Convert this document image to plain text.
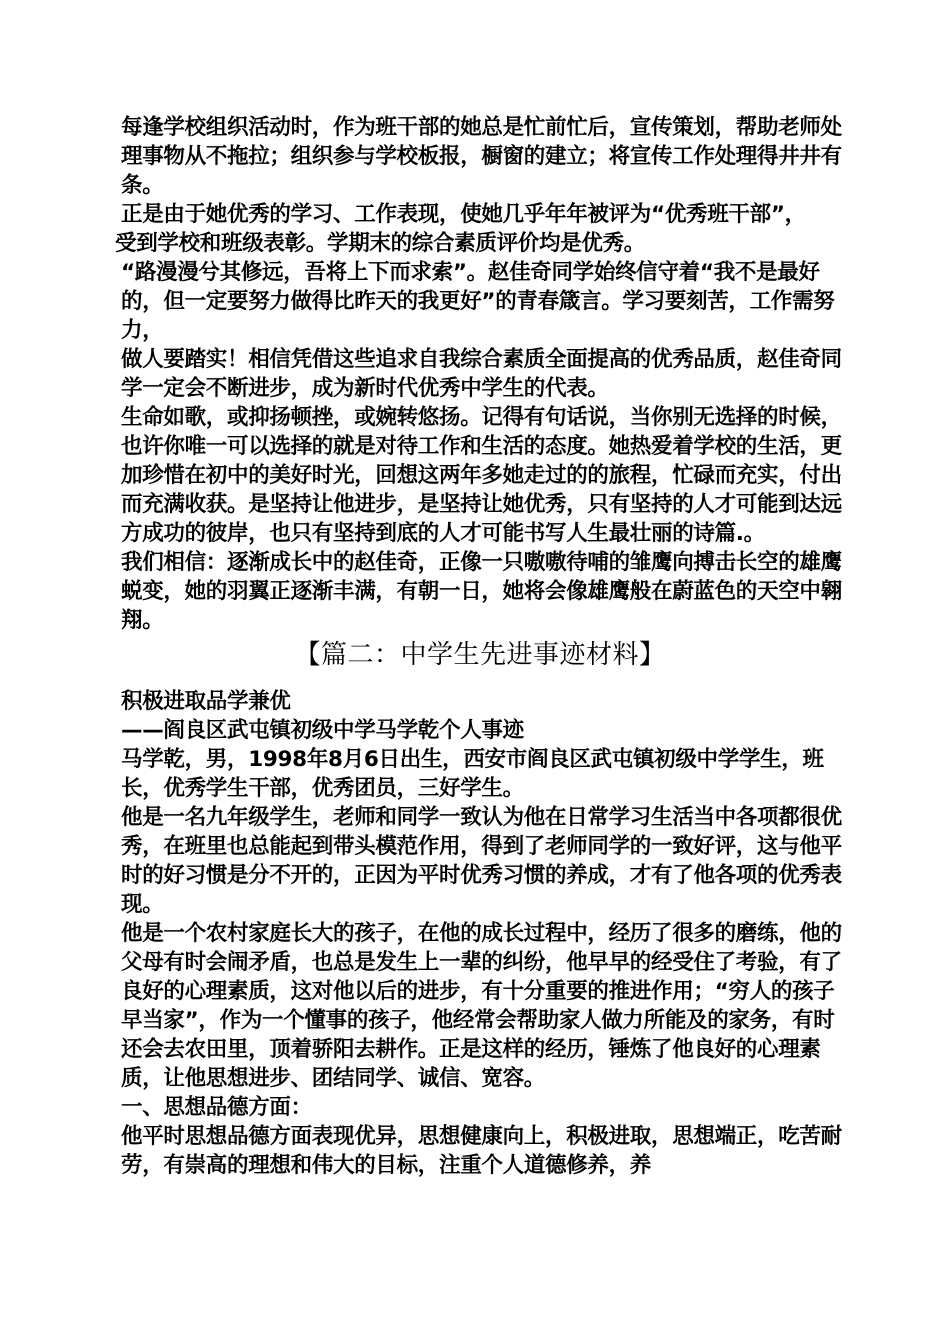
每逢学校组织活动时，作为班干部的她总是忙前忙后，宣传策划，帮助老师处理事物从不拖拉；组织参与学校板报，橱窗的建立；将宣传工作处理得井井有条。

正是由于她优秀的学习、工作表现，使她几乎年年被评为“优秀班干部”，

受到学校和班级表彰。学期末的综合素质评价均是优秀。

“路漫漫兮其修远，吾将上下而求索”。赵佳奇同学始终信守着“我不是最好的，但一定要努力做得比昨天的我更好”的青春箴言。学习要刻苦，工作需努力，

做人要踏实！相信凭借这些追求自我综合素质全面提高的优秀品质，赵佳奇同学一定会不断进步，成为新时代优秀中学生的代表。

生命如歌，或抑扬顿挫，或婉转悠扬。记得有句话说，当你别无选择的时候，也许你唯一可以选择的就是对待工作和生活的态度。她热爱着学校的生活，更加珍惜在初中的美好时光，回想这两年多她走过的的旅程，忙碌而充实，付出而充满收获。是坚持让他进步，是坚持让她优秀，只有坚持的人才可能到达远方成功的彼岸，也只有坚持到底的人才可能书写人生最壮丽的诗篇.。

我们相信：逐渐成长中的赵佳奇，正像一只嗷嗷待哺的雏鹰向搏击长空的雄鹰蜕变，她的羽翼正逐渐丰满，有朝一日，她将会像雄鹰般在蔚蓝色的天空中翱翔。

【篇二：中学生先进事迹材料】

积极进取品学兼优

——阎良区武屯镇初级中学马学乾个人事迹

马学乾，男，1998年8月6日出生，西安市阎良区武屯镇初级中学学生，班长，优秀学生干部，优秀团员，三好学生。

他是一名九年级学生，老师和同学一致认为他在日常学习生活当中各项都很优秀，在班里也总能起到带头模范作用，得到了老师同学的一致好评，这与他平时的好习惯是分不开的，正因为平时优秀习惯的养成，才有了他各项的优秀表现。

他是一个农村家庭长大的孩子，在他的成长过程中，经历了很多的磨练，他的父母有时会闹矛盾，也总是发生上一辈的纠纷，他早早的经受住了考验，有了良好的心理素质，这对他以后的进步，有十分重要的推进作用；“穷人的孩子早当家”，作为一个懂事的孩子，他经常会帮助家人做力所能及的家务，有时还会去农田里，顶着骄阳去耕作。正是这样的经历，锤炼了他良好的心理素质，让他思想进步、团结同学、诚信、宽容。

一、思想品德方面：

他平时思想品德方面表现优异，思想健康向上，积极进取，思想端正，吃苦耐劳，有崇高的理想和伟大的目标，注重个人道德修养，养
